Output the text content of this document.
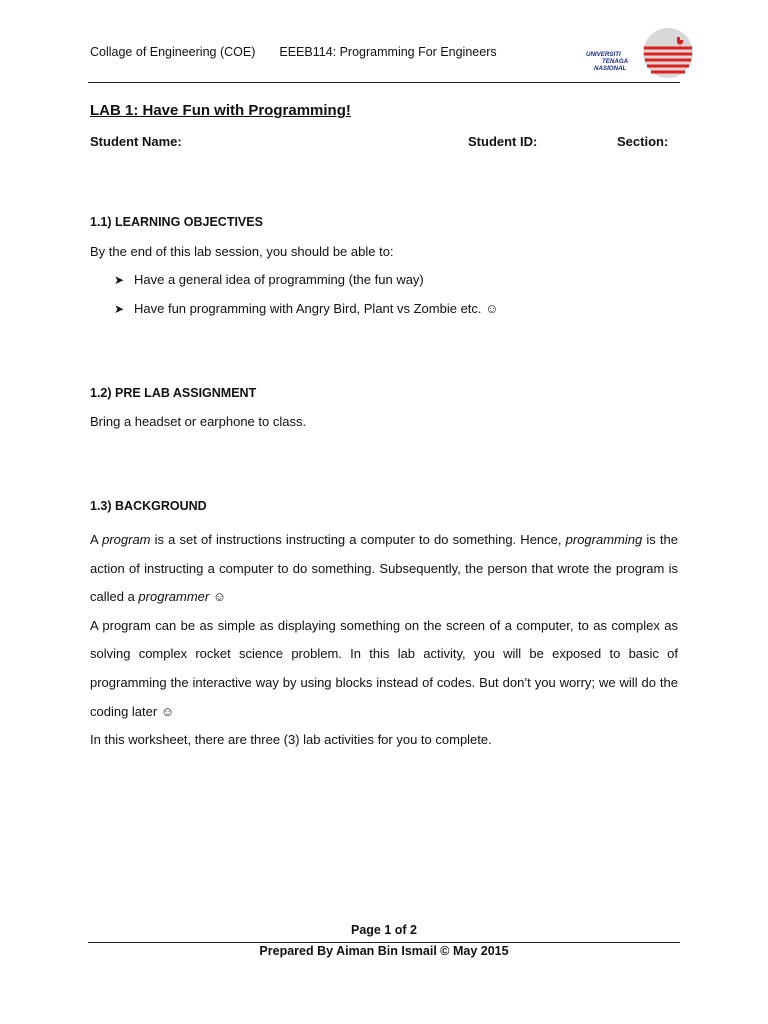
Collage of Engineering (COE) EEEB114: Programming For Engineers	UNIVERSITI
TENAGA
NASIONAL
LAB 1: Have Fun with Programming!
Student Name:	Student ID:	Section:
1.1) LEARNING OBJECTIVES
By the end of this lab session, you should be able to:
➤ Have a general idea of programming (the fun way)
➤ Have fun programming with Angry Bird, Plant vs Zombie etc. ☺
1.2) PRE LAB ASSIGNMENT
Bring a headset or earphone to class.
1.3) BACKGROUND

A program is a set of instructions instructing a computer to do something. Hence, programming is the action of instructing a computer to do something. Subsequently, the person that wrote the program is called a programmer ☺

A program can be as simple as displaying something on the screen of a computer, to as complex as solving complex rocket science problem. In this lab activity, you will be exposed to basic of programming the interactive way by using blocks instead of codes. But don’t you worry; we will do the coding later ☺

In this worksheet, there are three (3) lab activities for you to complete.

Page 1 of 2
Prepared By Aiman Bin Ismail © May 2015
